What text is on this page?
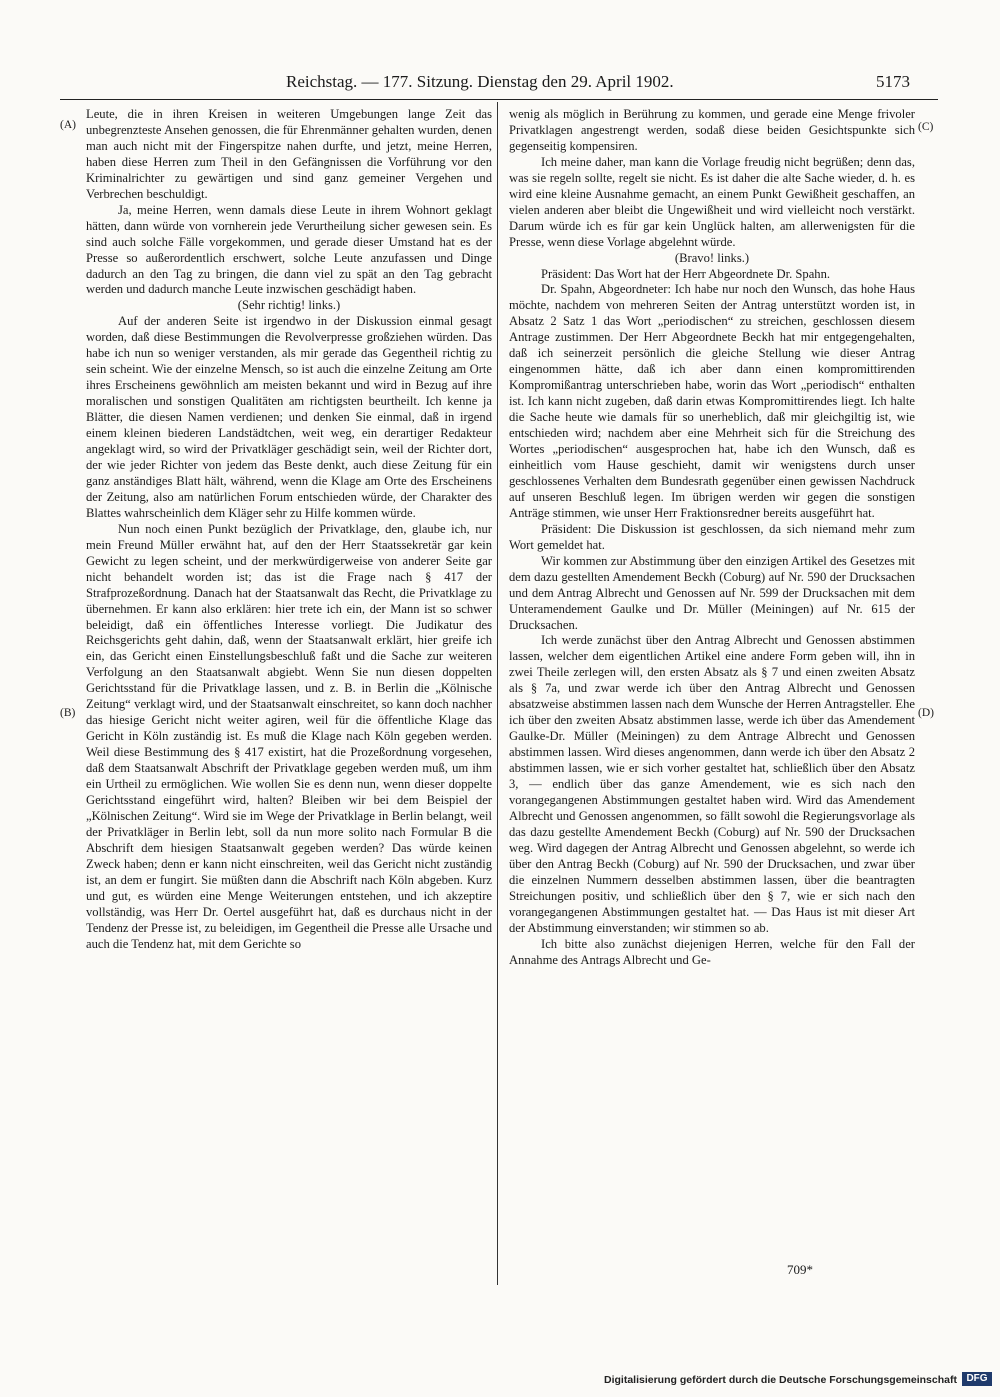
Reichstag. — 177. Sitzung. Dienstag den 29. April 1902.	5173
(A)
(B)
(C)
(D)

Leute, die in ihren Kreisen in weiteren Umgebungen lange Zeit das unbegrenzteste Ansehen genossen, die für Ehrenmänner gehalten wurden, denen man auch nicht mit der Fingerspitze nahen durfte, und jetzt, meine Herren, haben diese Herren zum Theil in den Gefängnissen die Vorführung vor den Kriminalrichter zu gewärtigen und sind ganz gemeiner Vergehen und Verbrechen beschuldigt.

Ja, meine Herren, wenn damals diese Leute in ihrem Wohnort geklagt hätten, dann würde von vornherein jede Verurtheilung sicher gewesen sein. Es sind auch solche Fälle vorgekommen, und gerade dieser Umstand hat es der Presse so außerordentlich erschwert, solche Leute anzufassen und Dinge dadurch an den Tag zu bringen, die dann viel zu spät an den Tag gebracht werden und dadurch manche Leute inzwischen geschädigt haben.

(Sehr richtig! links.)

Auf der anderen Seite ist irgendwo in der Diskussion einmal gesagt worden, daß diese Bestimmungen die Revolverpresse großziehen würden. Das habe ich nun so weniger verstanden, als mir gerade das Gegentheil richtig zu sein scheint. Wie der einzelne Mensch, so ist auch die einzelne Zeitung am Orte ihres Erscheinens gewöhnlich am meisten bekannt und wird in Bezug auf ihre moralischen und sonstigen Qualitäten am richtigsten beurtheilt. Ich kenne ja Blätter, die diesen Namen verdienen; und denken Sie einmal, daß in irgend einem kleinen biederen Landstädtchen, weit weg, ein derartiger Redakteur angeklagt wird, so wird der Privatkläger geschädigt sein, weil der Richter dort, der wie jeder Richter von jedem das Beste denkt, auch diese Zeitung für ein ganz anständiges Blatt hält, während, wenn die Klage am Orte des Erscheinens der Zeitung, also am natürlichen Forum entschieden würde, der Charakter des Blattes wahrscheinlich dem Kläger sehr zu Hilfe kommen würde.

Nun noch einen Punkt bezüglich der Privatklage, den, glaube ich, nur mein Freund Müller erwähnt hat, auf den der Herr Staatssekretär gar kein Gewicht zu legen scheint, und der merkwürdigerweise von anderer Seite gar nicht behandelt worden ist; das ist die Frage nach § 417 der Strafprozeßordnung. Danach hat der Staatsanwalt das Recht, die Privatklage zu übernehmen. Er kann also erklären: hier trete ich ein, der Mann ist so schwer beleidigt, daß ein öffentliches Interesse vorliegt. Die Judikatur des Reichsgerichts geht dahin, daß, wenn der Staatsanwalt erklärt, hier greife ich ein, das Gericht einen Einstellungsbeschluß faßt und die Sache zur weiteren Verfolgung an den Staatsanwalt abgiebt. Wenn Sie nun diesen doppelten Gerichtsstand für die Privatklage lassen, und z. B. in Berlin die „Kölnische Zeitung“ verklagt wird, und der Staatsanwalt einschreitet, so kann doch nachher das hiesige Gericht nicht weiter agiren, weil für die öffentliche Klage das Gericht in Köln zuständig ist. Es muß die Klage nach Köln gegeben werden. Weil diese Bestimmung des § 417 existirt, hat die Prozeßordnung vorgesehen, daß dem Staatsanwalt Abschrift der Privatklage gegeben werden muß, um ihm ein Urtheil zu ermöglichen. Wie wollen Sie es denn nun, wenn dieser doppelte Gerichtsstand eingeführt wird, halten? Bleiben wir bei dem Beispiel der „Kölnischen Zeitung“. Wird sie im Wege der Privatklage in Berlin belangt, weil der Privatkläger in Berlin lebt, soll da nun more solito nach Formular B die Abschrift dem hiesigen Staatsanwalt gegeben werden? Das würde keinen Zweck haben; denn er kann nicht einschreiten, weil das Gericht nicht zuständig ist, an dem er fungirt. Sie müßten dann die Abschrift nach Köln abgeben. Kurz und gut, es würden eine Menge Weiterungen entstehen, und ich akzeptire vollständig, was Herr Dr. Oertel ausgeführt hat, daß es durchaus nicht in der Tendenz der Presse ist, zu beleidigen, im Gegentheil die Presse alle Ursache und auch die Tendenz hat, mit dem Gerichte so

wenig als möglich in Berührung zu kommen, und gerade eine Menge frivoler Privatklagen angestrengt werden, sodaß diese beiden Gesichtspunkte sich gegenseitig kompensiren.

Ich meine daher, man kann die Vorlage freudig nicht begrüßen; denn das, was sie regeln sollte, regelt sie nicht. Es ist daher die alte Sache wieder, d. h. es wird eine kleine Ausnahme gemacht, an einem Punkt Gewißheit geschaffen, an vielen anderen aber bleibt die Ungewißheit und wird vielleicht noch verstärkt. Darum würde ich es für gar kein Unglück halten, am allerwenigsten für die Presse, wenn diese Vorlage abgelehnt würde.

(Bravo! links.)

Präsident: Das Wort hat der Herr Abgeordnete Dr. Spahn.

Dr. Spahn, Abgeordneter: Ich habe nur noch den Wunsch, das hohe Haus möchte, nachdem von mehreren Seiten der Antrag unterstützt worden ist, in Absatz 2 Satz 1 das Wort „periodischen“ zu streichen, geschlossen diesem Antrage zustimmen. Der Herr Abgeordnete Beckh hat mir entgegengehalten, daß ich seinerzeit persönlich die gleiche Stellung wie dieser Antrag eingenommen hätte, daß ich aber dann einen kompromittirenden Kompromißantrag unterschrieben habe, worin das Wort „periodisch“ enthalten ist. Ich kann nicht zugeben, daß darin etwas Kompromittirendes liegt. Ich halte die Sache heute wie damals für so unerheblich, daß mir gleichgiltig ist, wie entschieden wird; nachdem aber eine Mehrheit sich für die Streichung des Wortes „periodischen“ ausgesprochen hat, habe ich den Wunsch, daß es einheitlich vom Hause geschieht, damit wir wenigstens durch unser geschlossenes Verhalten dem Bundesrath gegenüber einen gewissen Nachdruck auf unseren Beschluß legen. Im übrigen werden wir gegen die sonstigen Anträge stimmen, wie unser Herr Fraktionsredner bereits ausgeführt hat.

Präsident: Die Diskussion ist geschlossen, da sich niemand mehr zum Wort gemeldet hat.

Wir kommen zur Abstimmung über den einzigen Artikel des Gesetzes mit dem dazu gestellten Amendement Beckh (Coburg) auf Nr. 590 der Drucksachen und dem Antrag Albrecht und Genossen auf Nr. 599 der Drucksachen mit dem Unteramendement Gaulke und Dr. Müller (Meiningen) auf Nr. 615 der Drucksachen.

Ich werde zunächst über den Antrag Albrecht und Genossen abstimmen lassen, welcher dem eigentlichen Artikel eine andere Form geben will, ihn in zwei Theile zerlegen will, den ersten Absatz als § 7 und einen zweiten Absatz als § 7a, und zwar werde ich über den Antrag Albrecht und Genossen absatzweise abstimmen lassen nach dem Wunsche der Herren Antragsteller. Ehe ich über den zweiten Absatz abstimmen lasse, werde ich über das Amendement Gaulke-Dr. Müller (Meiningen) zu dem Antrage Albrecht und Genossen abstimmen lassen. Wird dieses angenommen, dann werde ich über den Absatz 2 abstimmen lassen, wie er sich vorher gestaltet hat, schließlich über den Absatz 3, — endlich über das ganze Amendement, wie es sich nach den vorangegangenen Abstimmungen gestaltet haben wird. Wird das Amendement Albrecht und Genossen angenommen, so fällt sowohl die Regierungsvorlage als das dazu gestellte Amendement Beckh (Coburg) auf Nr. 590 der Drucksachen weg. Wird dagegen der Antrag Albrecht und Genossen abgelehnt, so werde ich über den Antrag Beckh (Coburg) auf Nr. 590 der Drucksachen, und zwar über die einzelnen Nummern desselben abstimmen lassen, über die beantragten Streichungen positiv, und schließlich über den § 7, wie er sich nach den vorangegangenen Abstimmungen gestaltet hat. — Das Haus ist mit dieser Art der Abstimmung einverstanden; wir stimmen so ab.

Ich bitte also zunächst diejenigen Herren, welche für den Fall der Annahme des Antrags Albrecht und Ge-

709*
Digitalisierung gefördert durch die Deutsche Forschungsgemeinschaft DFG
